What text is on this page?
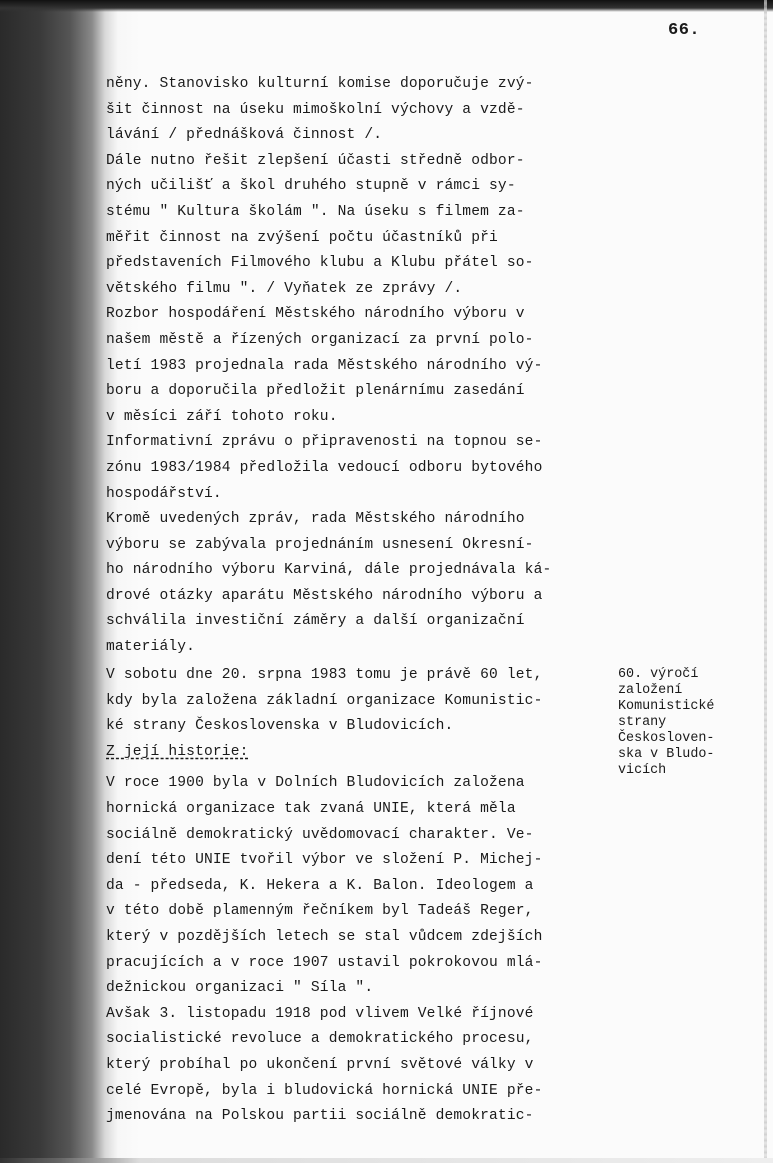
66.
něny. Stanovisko kulturní komise doporučuje zvý-
šit činnost na úseku mimoškolní výchovy a vzdě-
lávání / přednášková činnost /.
Dále nutno řešit zlepšení účasti středně odbor-
ných učilišť a škol druhého stupně v rámci sy-
stému " Kultura školám ". Na úseku s filmem za-
měřit činnost na zvýšení počtu účastníků při
představeních Filmového klubu a Klubu přátel so-
větského filmu ". / Vyňatek ze zprávy /.
Rozbor hospodáření Městského národního výboru v
našem městě a řízených organizací za první polo-
letí 1983 projednala rada Městského národního vý-
boru a doporučila předložit plenárnímu zasedání
v měsíci září tohoto roku.
Informativní zprávu o připravenosti na topnou se-
zónu 1983/1984 předložila vedoucí odboru bytového
hospodářství.
Kromě uvedených zpráv, rada Městského národního
výboru se zabývala projednáním usnesení Okresní-
ho národního výboru Karviná, dále projednávala ká-
drové otázky aparátu Městského národního výboru a
schválila investiční záměry a další organizační
materiály.
V sobotu dne 20. srpna 1983 tomu je právě 60 let,
kdy byla založena základní organizace Komunistic-
ké strany Československa v Bludovicích.
Z její historie:
V roce 1900 byla v Dolních Bludovicích založena
hornická organizace tak zvaná UNIE, která měla
sociálně demokratický uvědomovací charakter. Ve-
dení této UNIE tvořil výbor ve složení P. Michej-
da - předseda, K. Hekera a K. Balon. Ideologem a
v této době plamenným řečníkem byl Tadeáš Reger,
který v pozdějších letech se stal vůdcem zdejších
pracujících a v roce 1907 ustavil pokrokovou mlá-
dežnickou organizaci " Síla ".
Avšak 3. listopadu 1918 pod vlivem Velké říjnové
socialistické revoluce a demokratického procesu,
který probíhal po ukončení první světové války v
celé Evropě, byla i bludovická hornická UNIE pře-
jmenována na Polskou partii sociálně demokratic-
60. výročí
založení
Komunistické
strany
Českosloven-
ska v Bludo-
vicích
